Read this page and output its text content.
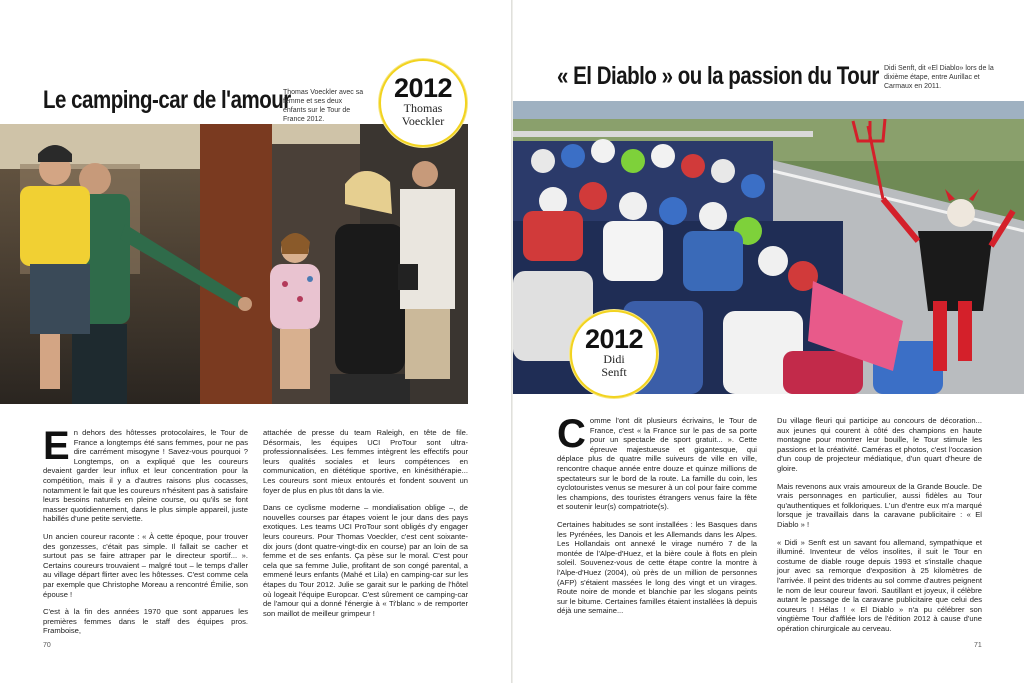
Le camping-car de l'amour
Thomas Voeckler avec sa femme et ses deux enfants sur le Tour de France 2012.
2012
Thomas
Voeckler

En dehors des hôtesses protocolaires, le Tour de France a longtemps été sans femmes, pour ne pas dire carrément misogyne ! Savez-vous pourquoi ? Longtemps, on a expliqué que les coureurs devaient garder leur influx et leur concentration pour la compétition, mais il y a d'autres raisons plus cocasses, notamment le fait que les coureurs n'hésitent pas à satisfaire leurs besoins naturels en pleine course, ou qu'ils se font masser quotidiennement, dans le plus simple appareil, juste habillés d'une petite serviette.

Un ancien coureur raconte : « À cette époque, pour trouver des gonzesses, c'était pas simple. Il fallait se cacher et surtout pas se faire attraper par le directeur sportif... ». Certains coureurs trouvaient – malgré tout – le temps d'aller au village départ flirter avec les hôtesses. C'est comme cela par exemple que Christophe Moreau a rencontré Émilie, son épouse !

C'est à la fin des années 1970 que sont apparues les premières femmes dans le staff des équipes pros. Framboise,

attachée de presse du team Raleigh, en tête de file. Désormais, les équipes UCI ProTour sont ultra-professionnalisées. Les femmes intègrent les effectifs pour leurs qualités sociales et leurs compétences en communication, en diététique sportive, en kinésithérapie... Les coureurs sont mieux entourés et fondent souvent un foyer de plus en plus tôt dans la vie.

Dans ce cyclisme moderne – mondialisation oblige –, de nouvelles courses par étapes voient le jour dans des pays exotiques. Les teams UCI ProTour sont obligés d'y engager leurs coureurs. Pour Thomas Voeckler, c'est cent soixante-dix jours (dont quatre-vingt-dix en course) par an loin de sa femme et de ses enfants. Ça pèse sur le moral. C'est pour cela que sa femme Julie, profitant de son congé parental, a emmené leurs enfants (Mahé et Lila) en camping-car sur les étapes du Tour 2012. Julie se garait sur le parking de l'hôtel où logeait l'équipe Europcar. C'est sûrement ce camping-car de l'amour qui a donné l'énergie à « Ti'blanc » de remporter son maillot de meilleur grimpeur !

70
« El Diablo » ou la passion du Tour Didi Senft, dit «El Diablo» lors de la dixième étape, entre Aurillac et Carmaux en 2011.
2012
Didi
Senft

Comme l'ont dit plusieurs écrivains, le Tour de France, c'est « la France sur le pas de sa porte pour un spectacle de sport gratuit... ». Cette épreuve majestueuse et gigantesque, qui déplace plus de quatre mille suiveurs de ville en ville, rencontre chaque année entre douze et quinze millions de spectateurs sur le bord de la route. La famille du coin, les cyclotouristes venus se mesurer à un col pour faire comme les champions, des touristes étrangers venus faire la fête et soutenir leur(s) compatriote(s).

Certaines habitudes se sont installées : les Basques dans les Pyrénées, les Danois et les Allemands dans les Alpes. Les Hollandais ont annexé le virage numéro 7 de la montée de l'Alpe-d'Huez, et la bière coule à flots en plein soleil. Souvenez-vous de cette étape contre la montre à l'Alpe-d'Huez (2004), où près de un million de personnes (AFP) s'étaient massées le long des vingt et un virages. Route noire de monde et blanchie par les slogans peints sur le bitume. Certaines familles étaient installées là depuis déjà une semaine...

Du village fleuri qui participe au concours de décoration... aux jeunes qui courent à côté des champions en haute montagne pour montrer leur bouille, le Tour stimule les passions et la créativité. Caméras et photos, c'est l'occasion d'un coup de projecteur médiatique, d'un quart d'heure de gloire.

Mais revenons aux vrais amoureux de la Grande Boucle. De vrais personnages en particulier, aussi fidèles au Tour qu'authentiques et folkloriques. L'un d'entre eux m'a marqué lorsque je travaillais dans la caravane publicitaire : « El Diablo » !

« Didi » Senft est un savant fou allemand, sympathique et illuminé. Inventeur de vélos insolites, il suit le Tour en costume de diable rouge depuis 1993 et s'installe chaque jour avec sa remorque d'exposition à 25 kilomètres de l'arrivée. Il peint des tridents au sol comme d'autres peignent le nom de leur coureur favori. Sautillant et joyeux, il célèbre autant le passage de la caravane publicitaire que celui des coureurs ! Hélas ! « El Diablo » n'a pu célébrer son vingtième Tour d'affilée lors de l'édition 2012 à cause d'une opération chirurgicale au cerveau.

71
